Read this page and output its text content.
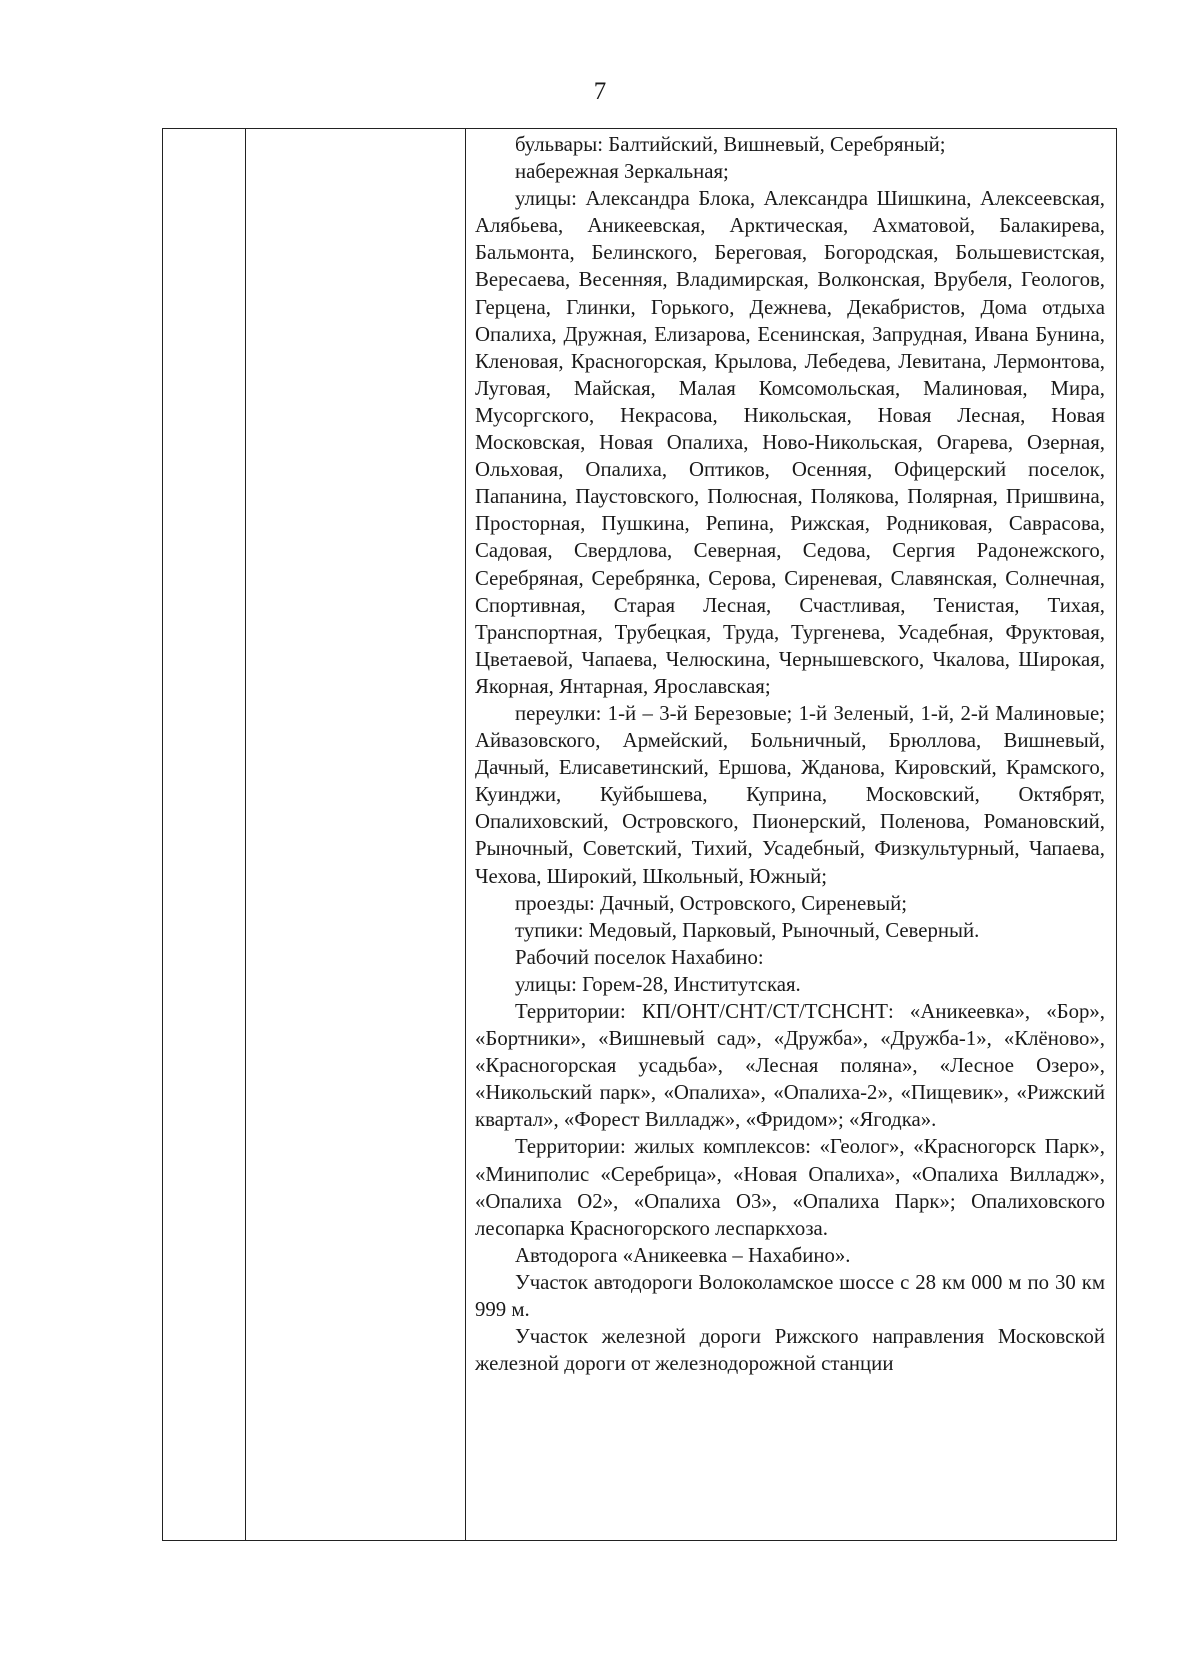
7

бульвары: Балтийский, Вишневый, Серебряный;

набережная Зеркальная;

улицы: Александра Блока, Александра Шишкина, Алексеевская, Алябьева, Аникеевская, Арктическая, Ахматовой, Балакирева, Бальмонта, Белинского, Береговая, Богородская, Большевистская, Вересаева, Весенняя, Владимирская, Волконская, Врубеля, Геологов, Герцена, Глинки, Горького, Дежнева, Декабристов, Дома отдыха Опалиха, Дружная, Елизарова, Есенинская, Запрудная, Ивана Бунина, Кленовая, Красногорская, Крылова, Лебедева, Левитана, Лермонтова, Луговая, Майская, Малая Комсомольская, Малиновая, Мира, Мусоргского, Некрасова, Никольская, Новая Лесная, Новая Московская, Новая Опалиха, Ново-Никольская, Огарева, Озерная, Ольховая, Опалиха, Оптиков, Осенняя, Офицерский поселок, Папанина, Паустовского, Полюсная, Полякова, Полярная, Пришвина, Просторная, Пушкина, Репина, Рижская, Родниковая, Саврасова, Садовая, Свердлова, Северная, Седова, Сергия Радонежского, Серебряная, Серебрянка, Серова, Сиреневая, Славянская, Солнечная, Спортивная, Старая Лесная, Счастливая, Тенистая, Тихая, Транспортная, Трубецкая, Труда, Тургенева, Усадебная, Фруктовая, Цветаевой, Чапаева, Челюскина, Чернышевского, Чкалова, Широкая, Якорная, Янтарная, Ярославская;

переулки: 1-й – 3-й Березовые; 1-й Зеленый, 1-й, 2-й Малиновые; Айвазовского, Армейский, Больничный, Брюллова, Вишневый, Дачный, Елисаветинский, Ершова, Жданова, Кировский, Крамского, Куинджи, Куйбышева, Куприна, Московский, Октябрят, Опалиховский, Островского, Пионерский, Поленова, Романовский, Рыночный, Советский, Тихий, Усадебный, Физкультурный, Чапаева, Чехова, Широкий, Школьный, Южный;

проезды: Дачный, Островского, Сиреневый;

тупики: Медовый, Парковый, Рыночный, Северный.

Рабочий поселок Нахабино:

улицы: Горем-28, Институтская.

Территории: КП/ОНТ/СНТ/СТ/ТСНСНТ: «Аникеевка», «Бор», «Бортники», «Вишневый сад», «Дружба», «Дружба-1», «Клёново», «Красногорская усадьба», «Лесная поляна», «Лесное Озеро», «Никольский парк», «Опалиха», «Опалиха-2», «Пищевик», «Рижский квартал», «Форест Вилладж», «Фридом»; «Ягодка».

Территории: жилых комплексов: «Геолог», «Красногорск Парк», «Миниполис «Серебрица», «Новая Опалиха», «Опалиха Вилладж», «Опалиха О2», «Опалиха О3», «Опалиха Парк»; Опалиховского лесопарка Красногорского леспаркхоза.

Автодорога «Аникеевка – Нахабино».

Участок автодороги Волоколамское шоссе с 28 км 000 м по 30 км 999 м.

Участок железной дороги Рижского направления Московской железной дороги от железнодорожной станции
